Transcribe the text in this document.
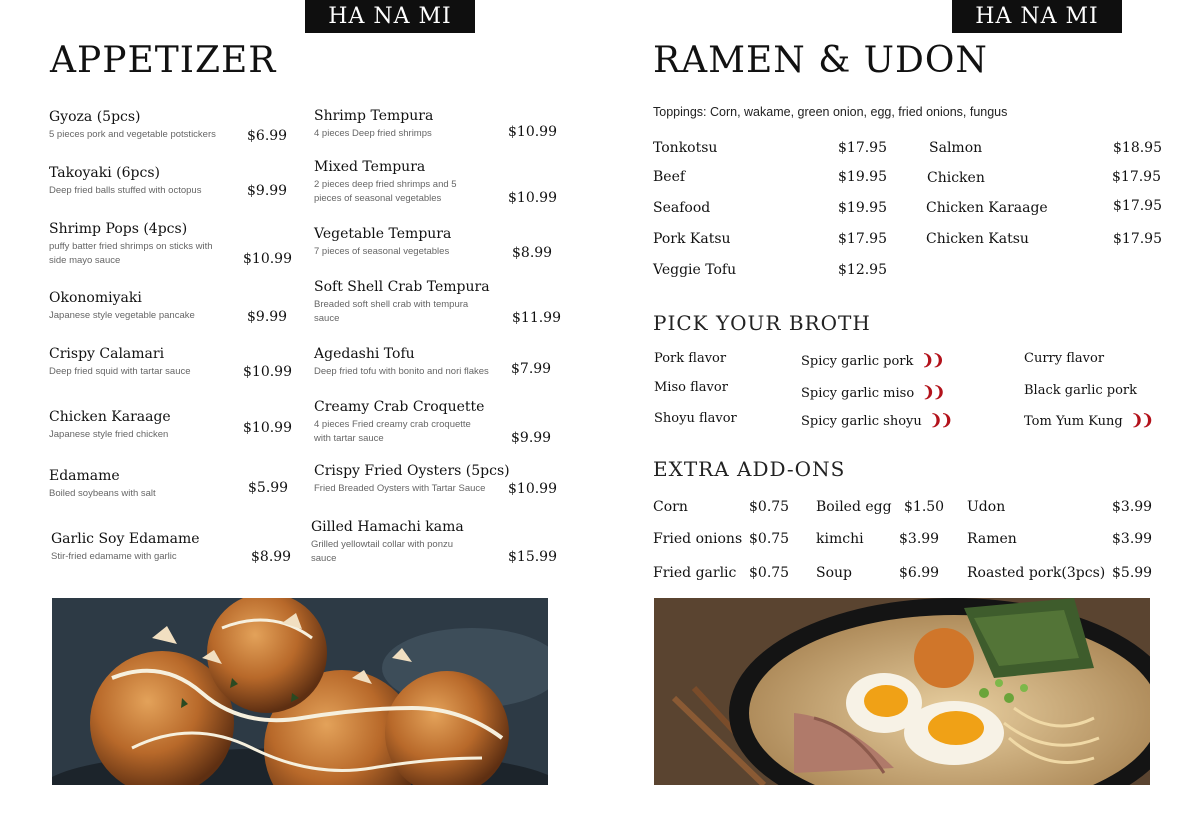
HA NA MI
APPETIZER
Gyoza (5pcs)
5 pieces pork and vegetable potstickers	$6.99
Takoyaki (6pcs)
Deep fried balls stuffed with octopus	$9.99
Shrimp Pops (4pcs)
puffy batter fried shrimps on sticks with side mayo sauce	$10.99
Okonomiyaki
Japanese style vegetable pancake	$9.99
Crispy Calamari
Deep fried squid with tartar sauce	$10.99
Chicken Karaage
Japanese style fried chicken	$10.99
Edamame
Boiled soybeans with salt	$5.99
Garlic Soy Edamame
Stir-fried edamame with garlic	$8.99
Shrimp Tempura
4 pieces Deep fried shrimps	$10.99
Mixed Tempura
2 pieces deep fried shrimps and 5 pieces of seasonal vegetables	$10.99
Vegetable Tempura
7 pieces of seasonal vegetables	$8.99
Soft Shell Crab Tempura
Breaded soft shell crab with tempura sauce	$11.99
Agedashi Tofu
Deep fried tofu with bonito and nori flakes	$7.99
Creamy Crab Croquette
4 pieces Fried creamy crab croquette with tartar sauce	$9.99
Crispy Fried Oysters (5pcs)
Fried Breaded Oysters with Tartar Sauce	$10.99
Gilled Hamachi kama
Grilled yellowtail collar with ponzu sauce	$15.99
HA NA MI
RAMEN & UDON
Toppings: Corn, wakame, green onion, egg, fried onions, fungus
Tonkotsu	$17.95
Beef	$19.95
Seafood	$19.95
Pork Katsu	$17.95
Veggie Tofu	$12.95
Salmon	$18.95
Chicken	$17.95
Chicken Karaage	$17.95
Chicken Katsu	$17.95
PICK YOUR BROTH
Pork flavor
Miso flavor
Shoyu flavor
Spicy garlic pork ❩❩
Spicy garlic miso ❩❩
Spicy garlic shoyu ❩❩
Curry flavor
Black garlic pork
Tom Yum Kung ❩❩
EXTRA ADD-ONS
Corn	$0.75
Fried onions $0.75
Fried garlic $0.75
Boiled egg $1.50
kimchi	$3.99
Soup	$6.99
Udon	$3.99
Ramen	$3.99
Roasted pork(3pcs) $5.99
